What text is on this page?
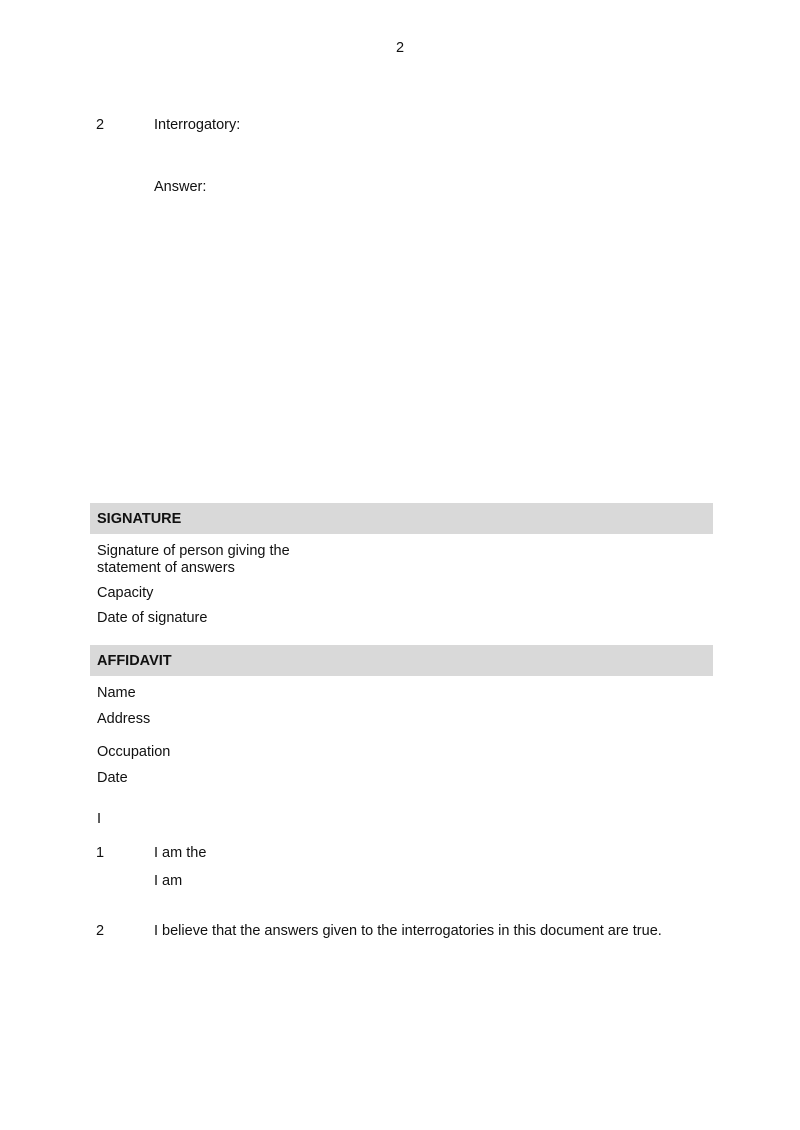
2
2	Interrogatory:
Answer:
SIGNATURE
Signature of person giving the
statement of answers
Capacity
Date of signature
AFFIDAVIT
Name
Address
Occupation
Date
I
1	I am the
I am
2	I believe that the answers given to the interrogatories in this document are true.
